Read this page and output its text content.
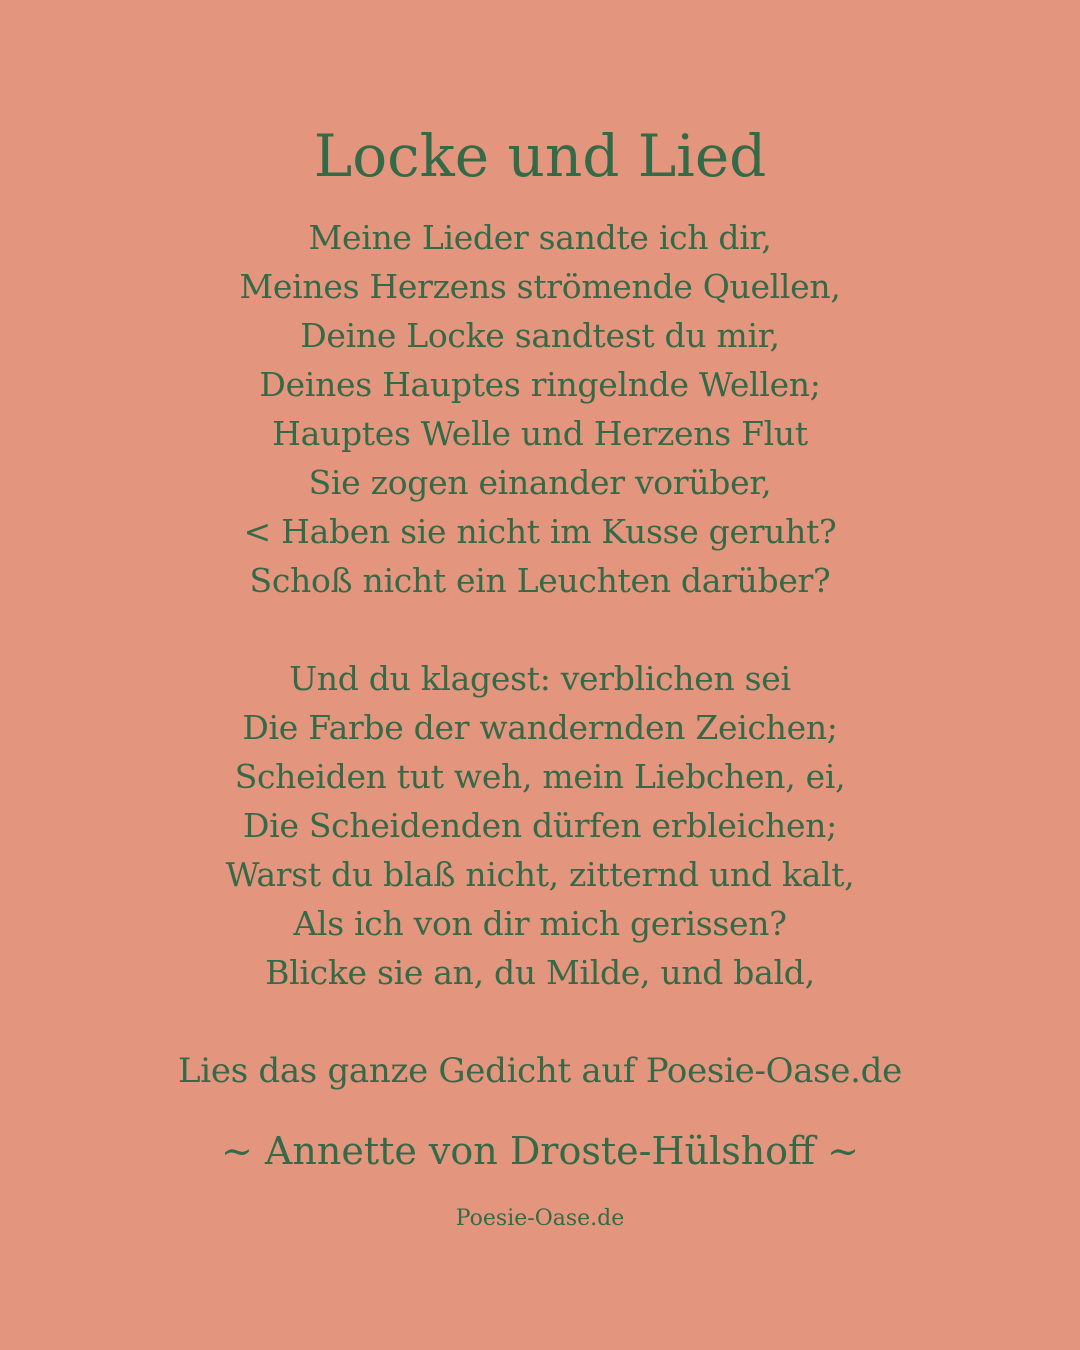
Locke und Lied
Meine Lieder sandte ich dir,
Meines Herzens strömende Quellen,
Deine Locke sandtest du mir,
Deines Hauptes ringelnde Wellen;
Hauptes Welle und Herzens Flut
Sie zogen einander vorüber,
< Haben sie nicht im Kusse geruht?
Schoß nicht ein Leuchten darüber?
Und du klagest: verblichen sei
Die Farbe der wandernden Zeichen;
Scheiden tut weh, mein Liebchen, ei,
Die Scheidenden dürfen erbleichen;
Warst du blaß nicht, zitternd und kalt,
Als ich von dir mich gerissen?
Blicke sie an, du Milde, und bald,
Lies das ganze Gedicht auf Poesie-Oase.de
~ Annette von Droste-Hülshoff ~
Poesie-Oase.de
